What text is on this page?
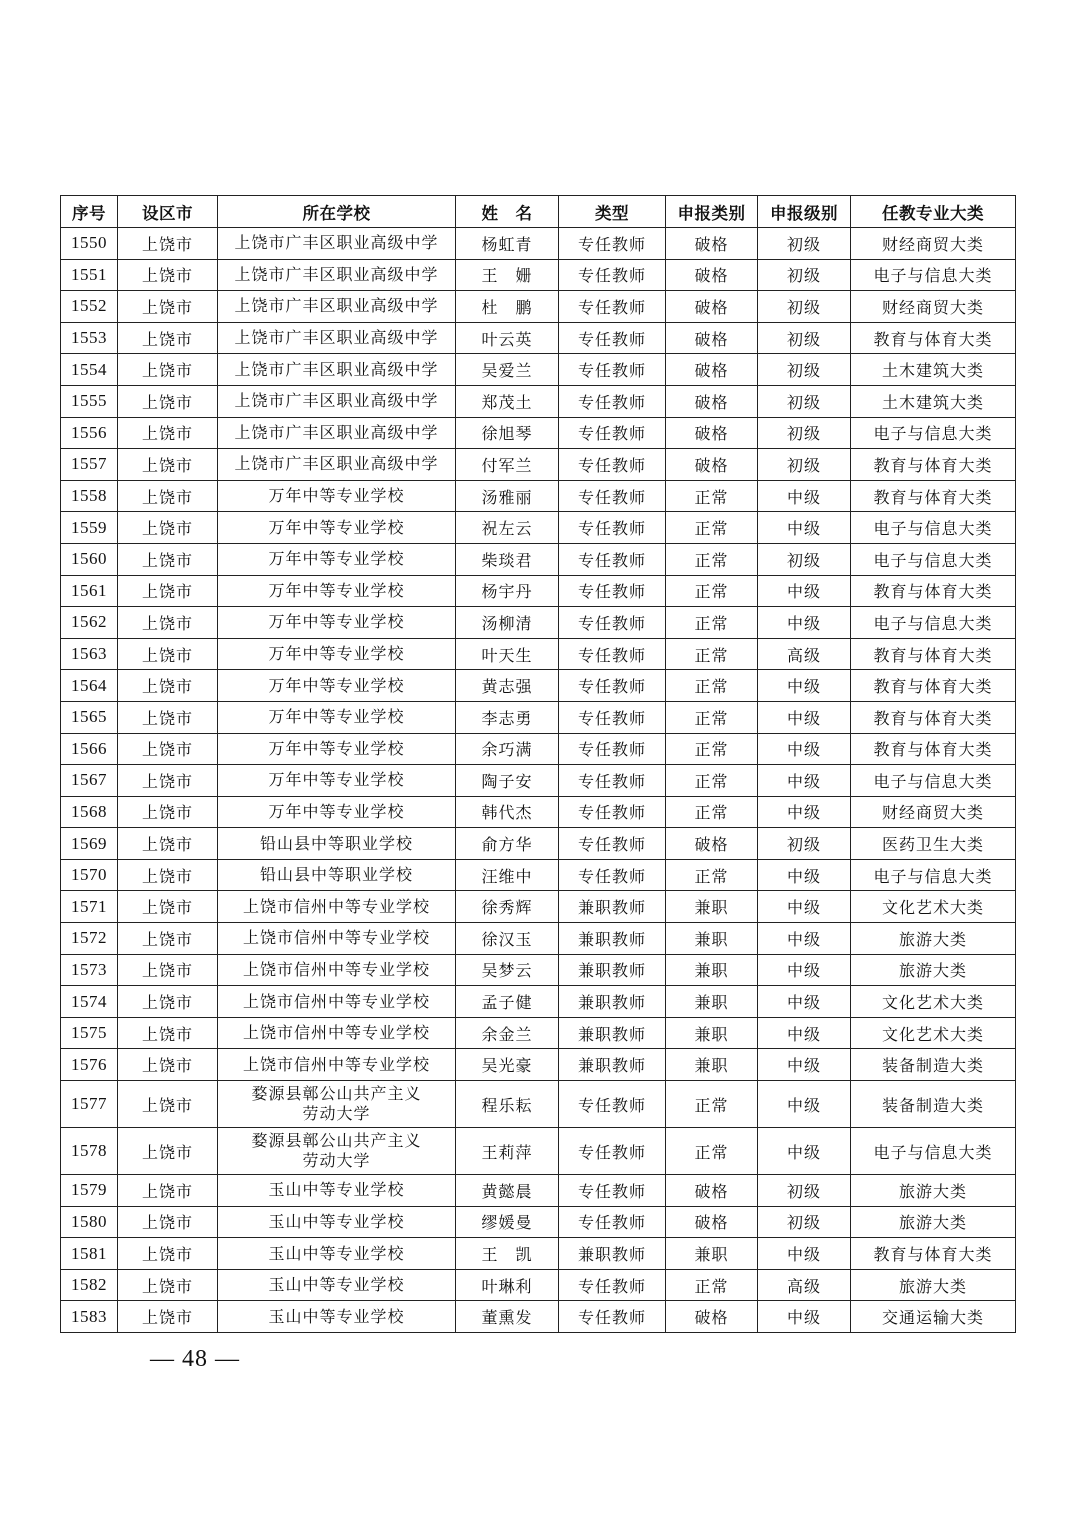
序号	设区市	所在学校	姓　名	类型	申报类别	申报级别	任教专业大类
1550	上饶市	上饶市广丰区职业高级中学	杨虹青	专任教师	破格	初级	财经商贸大类
1551	上饶市	上饶市广丰区职业高级中学	王　姗	专任教师	破格	初级	电子与信息大类
1552	上饶市	上饶市广丰区职业高级中学	杜　鹏	专任教师	破格	初级	财经商贸大类
1553	上饶市	上饶市广丰区职业高级中学	叶云英	专任教师	破格	初级	教育与体育大类
1554	上饶市	上饶市广丰区职业高级中学	吴爱兰	专任教师	破格	初级	土木建筑大类
1555	上饶市	上饶市广丰区职业高级中学	郑茂土	专任教师	破格	初级	土木建筑大类
1556	上饶市	上饶市广丰区职业高级中学	徐旭琴	专任教师	破格	初级	电子与信息大类
1557	上饶市	上饶市广丰区职业高级中学	付军兰	专任教师	破格	初级	教育与体育大类
1558	上饶市	万年中等专业学校	汤雅丽	专任教师	正常	中级	教育与体育大类
1559	上饶市	万年中等专业学校	祝左云	专任教师	正常	中级	电子与信息大类
1560	上饶市	万年中等专业学校	柴琰君	专任教师	正常	初级	电子与信息大类
1561	上饶市	万年中等专业学校	杨宇丹	专任教师	正常	中级	教育与体育大类
1562	上饶市	万年中等专业学校	汤柳清	专任教师	正常	中级	电子与信息大类
1563	上饶市	万年中等专业学校	叶天生	专任教师	正常	高级	教育与体育大类
1564	上饶市	万年中等专业学校	黄志强	专任教师	正常	中级	教育与体育大类
1565	上饶市	万年中等专业学校	李志勇	专任教师	正常	中级	教育与体育大类
1566	上饶市	万年中等专业学校	余巧满	专任教师	正常	中级	教育与体育大类
1567	上饶市	万年中等专业学校	陶子安	专任教师	正常	中级	电子与信息大类
1568	上饶市	万年中等专业学校	韩代杰	专任教师	正常	中级	财经商贸大类
1569	上饶市	铅山县中等职业学校	俞方华	专任教师	破格	初级	医药卫生大类
1570	上饶市	铅山县中等职业学校	汪维中	专任教师	正常	中级	电子与信息大类
1571	上饶市	上饶市信州中等专业学校	徐秀辉	兼职教师	兼职	中级	文化艺术大类
1572	上饶市	上饶市信州中等专业学校	徐汉玉	兼职教师	兼职	中级	旅游大类
1573	上饶市	上饶市信州中等专业学校	吴梦云	兼职教师	兼职	中级	旅游大类
1574	上饶市	上饶市信州中等专业学校	孟子健	兼职教师	兼职	中级	文化艺术大类
1575	上饶市	上饶市信州中等专业学校	余金兰	兼职教师	兼职	中级	文化艺术大类
1576	上饶市	上饶市信州中等专业学校	吴光豪	兼职教师	兼职	中级	装备制造大类
1577	上饶市	婺源县鄣公山共产主义
劳动大学	程乐耘	专任教师	正常	中级	装备制造大类
1578	上饶市	婺源县鄣公山共产主义
劳动大学	王莉萍	专任教师	正常	中级	电子与信息大类
1579	上饶市	玉山中等专业学校	黄懿晨	专任教师	破格	初级	旅游大类
1580	上饶市	玉山中等专业学校	缪媛曼	专任教师	破格	初级	旅游大类
1581	上饶市	玉山中等专业学校	王　凯	兼职教师	兼职	中级	教育与体育大类
1582	上饶市	玉山中等专业学校	叶琳利	专任教师	正常	高级	旅游大类
1583	上饶市	玉山中等专业学校	董熏发	专任教师	破格	中级	交通运输大类
— 48 —
